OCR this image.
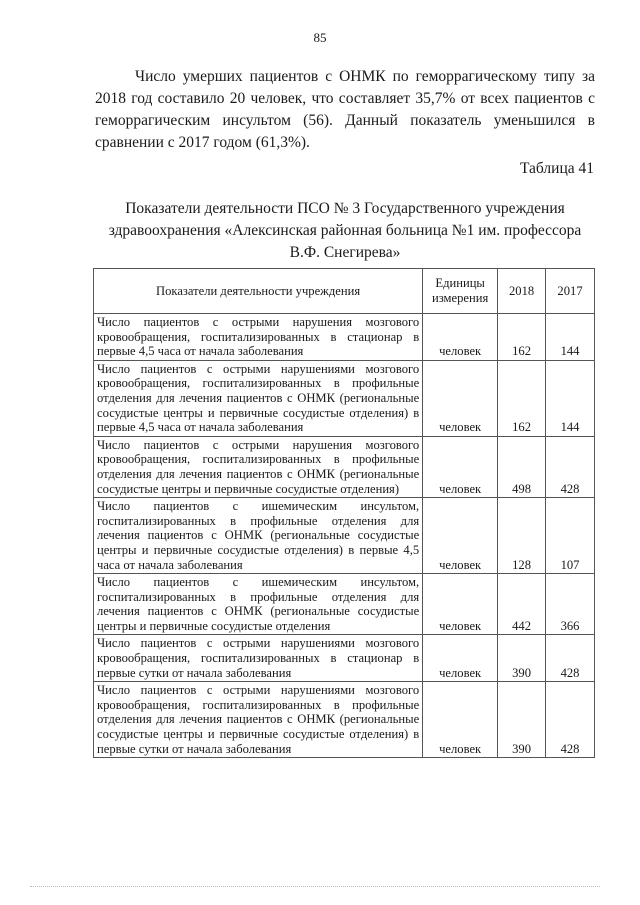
85

Число умерших пациентов с ОНМК по геморрагическому типу за 2018 год составило 20 человек, что составляет 35,7% от всех пациентов с геморрагическим инсультом (56). Данный показатель уменьшился в сравнении с 2017 годом (61,3%).

Таблица 41

Показатели деятельности ПСО № 3 Государственного учреждения здравоохранения «Алексинская районная больница №1 им. профессора В.Ф. Снегирева»

Показатели деятельности учреждения	Единицы измерения	2018	2017
Число пациентов с острыми нарушения мозгового кровообращения, госпитализированных в стационар в первые 4,5 часа от начала заболевания	человек	162	144
Число пациентов с острыми нарушениями мозгового кровообращения, госпитализированных в профильные отделения для лечения пациентов с ОНМК (региональные сосудистые центры и первичные сосудистые отделения) в первые 4,5 часа от начала заболевания	человек	162	144
Число пациентов с острыми нарушения мозгового кровообращения, госпитализированных в профильные отделения для лечения пациентов с ОНМК (региональные сосудистые центры и первичные сосудистые отделения)	человек	498	428
Число пациентов с ишемическим инсультом, госпитализированных в профильные отделения для лечения пациентов с ОНМК (региональные сосудистые центры и первичные сосудистые отделения) в первые 4,5 часа от начала заболевания	человек	128	107
Число пациентов с ишемическим инсультом, госпитализированных в профильные отделения для лечения пациентов с ОНМК (региональные сосудистые центры и первичные сосудистые отделения	человек	442	366
Число пациентов с острыми нарушениями мозгового кровообращения, госпитализированных в стационар в первые сутки от начала заболевания	человек	390	428
Число пациентов с острыми нарушениями мозгового кровообращения, госпитализированных в профильные отделения для лечения пациентов с ОНМК (региональные сосудистые центры и первичные сосудистые отделения) в первые сутки от начала заболевания	человек	390	428
